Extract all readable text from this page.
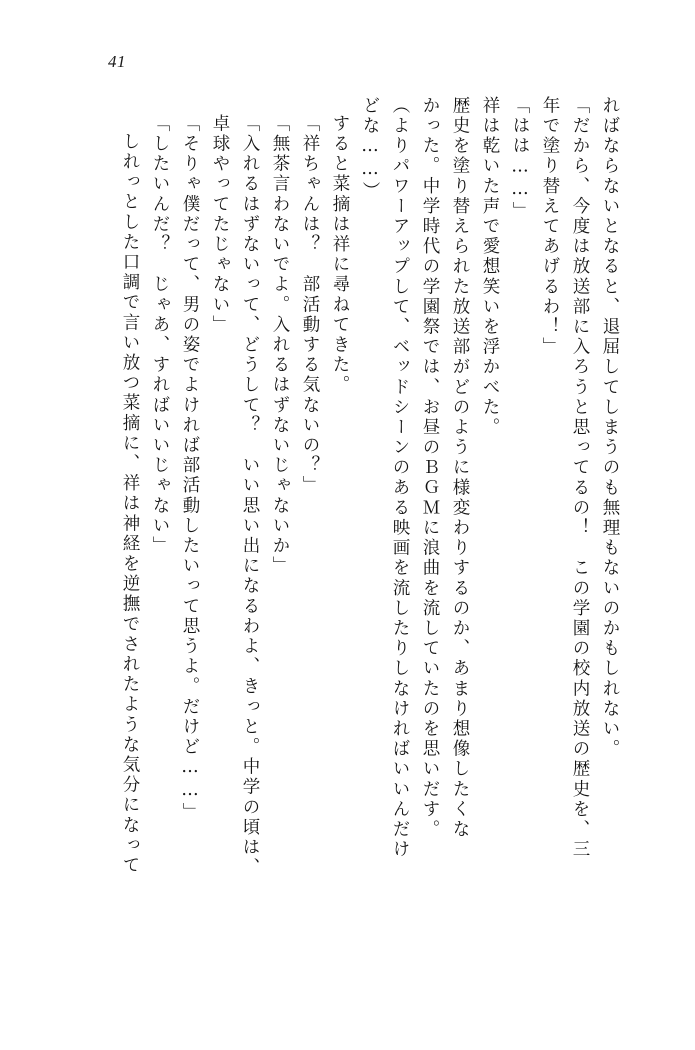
41
ればならないとなると、退屈してしまうのも無理もないのかもしれない。
「だから、今度は放送部に入ろうと思ってるの！　この学園の校内放送の歴史を、三
年で塗り替えてあげるわ！」
「はは……」
祥は乾いた声で愛想笑いを浮かべた。
歴史を塗り替えられた放送部がどのように様変わりするのか、あまり想像したくな
かった。中学時代の学園祭では、お昼のＢＧＭに浪曲を流していたのを思いだす。
（よりパワーアップして、ベッドシーンのある映画を流したりしなければいいんだけ
どな……）
すると菜摘は祥に尋ねてきた。
「祥ちゃんは？　部活動する気ないの？」
「無茶言わないでよ。入れるはずないじゃないか」
「入れるはずないって、どうして？　いい思い出になるわよ、きっと。中学の頃は、
卓球やってたじゃない」
「そりゃ僕だって、男の姿でよければ部活動したいって思うよ。だけど……」
「したいんだ？　じゃあ、すればいいじゃない」
しれっとした口調で言い放つ菜摘に、祥は神経を逆撫でされたような気分になって
